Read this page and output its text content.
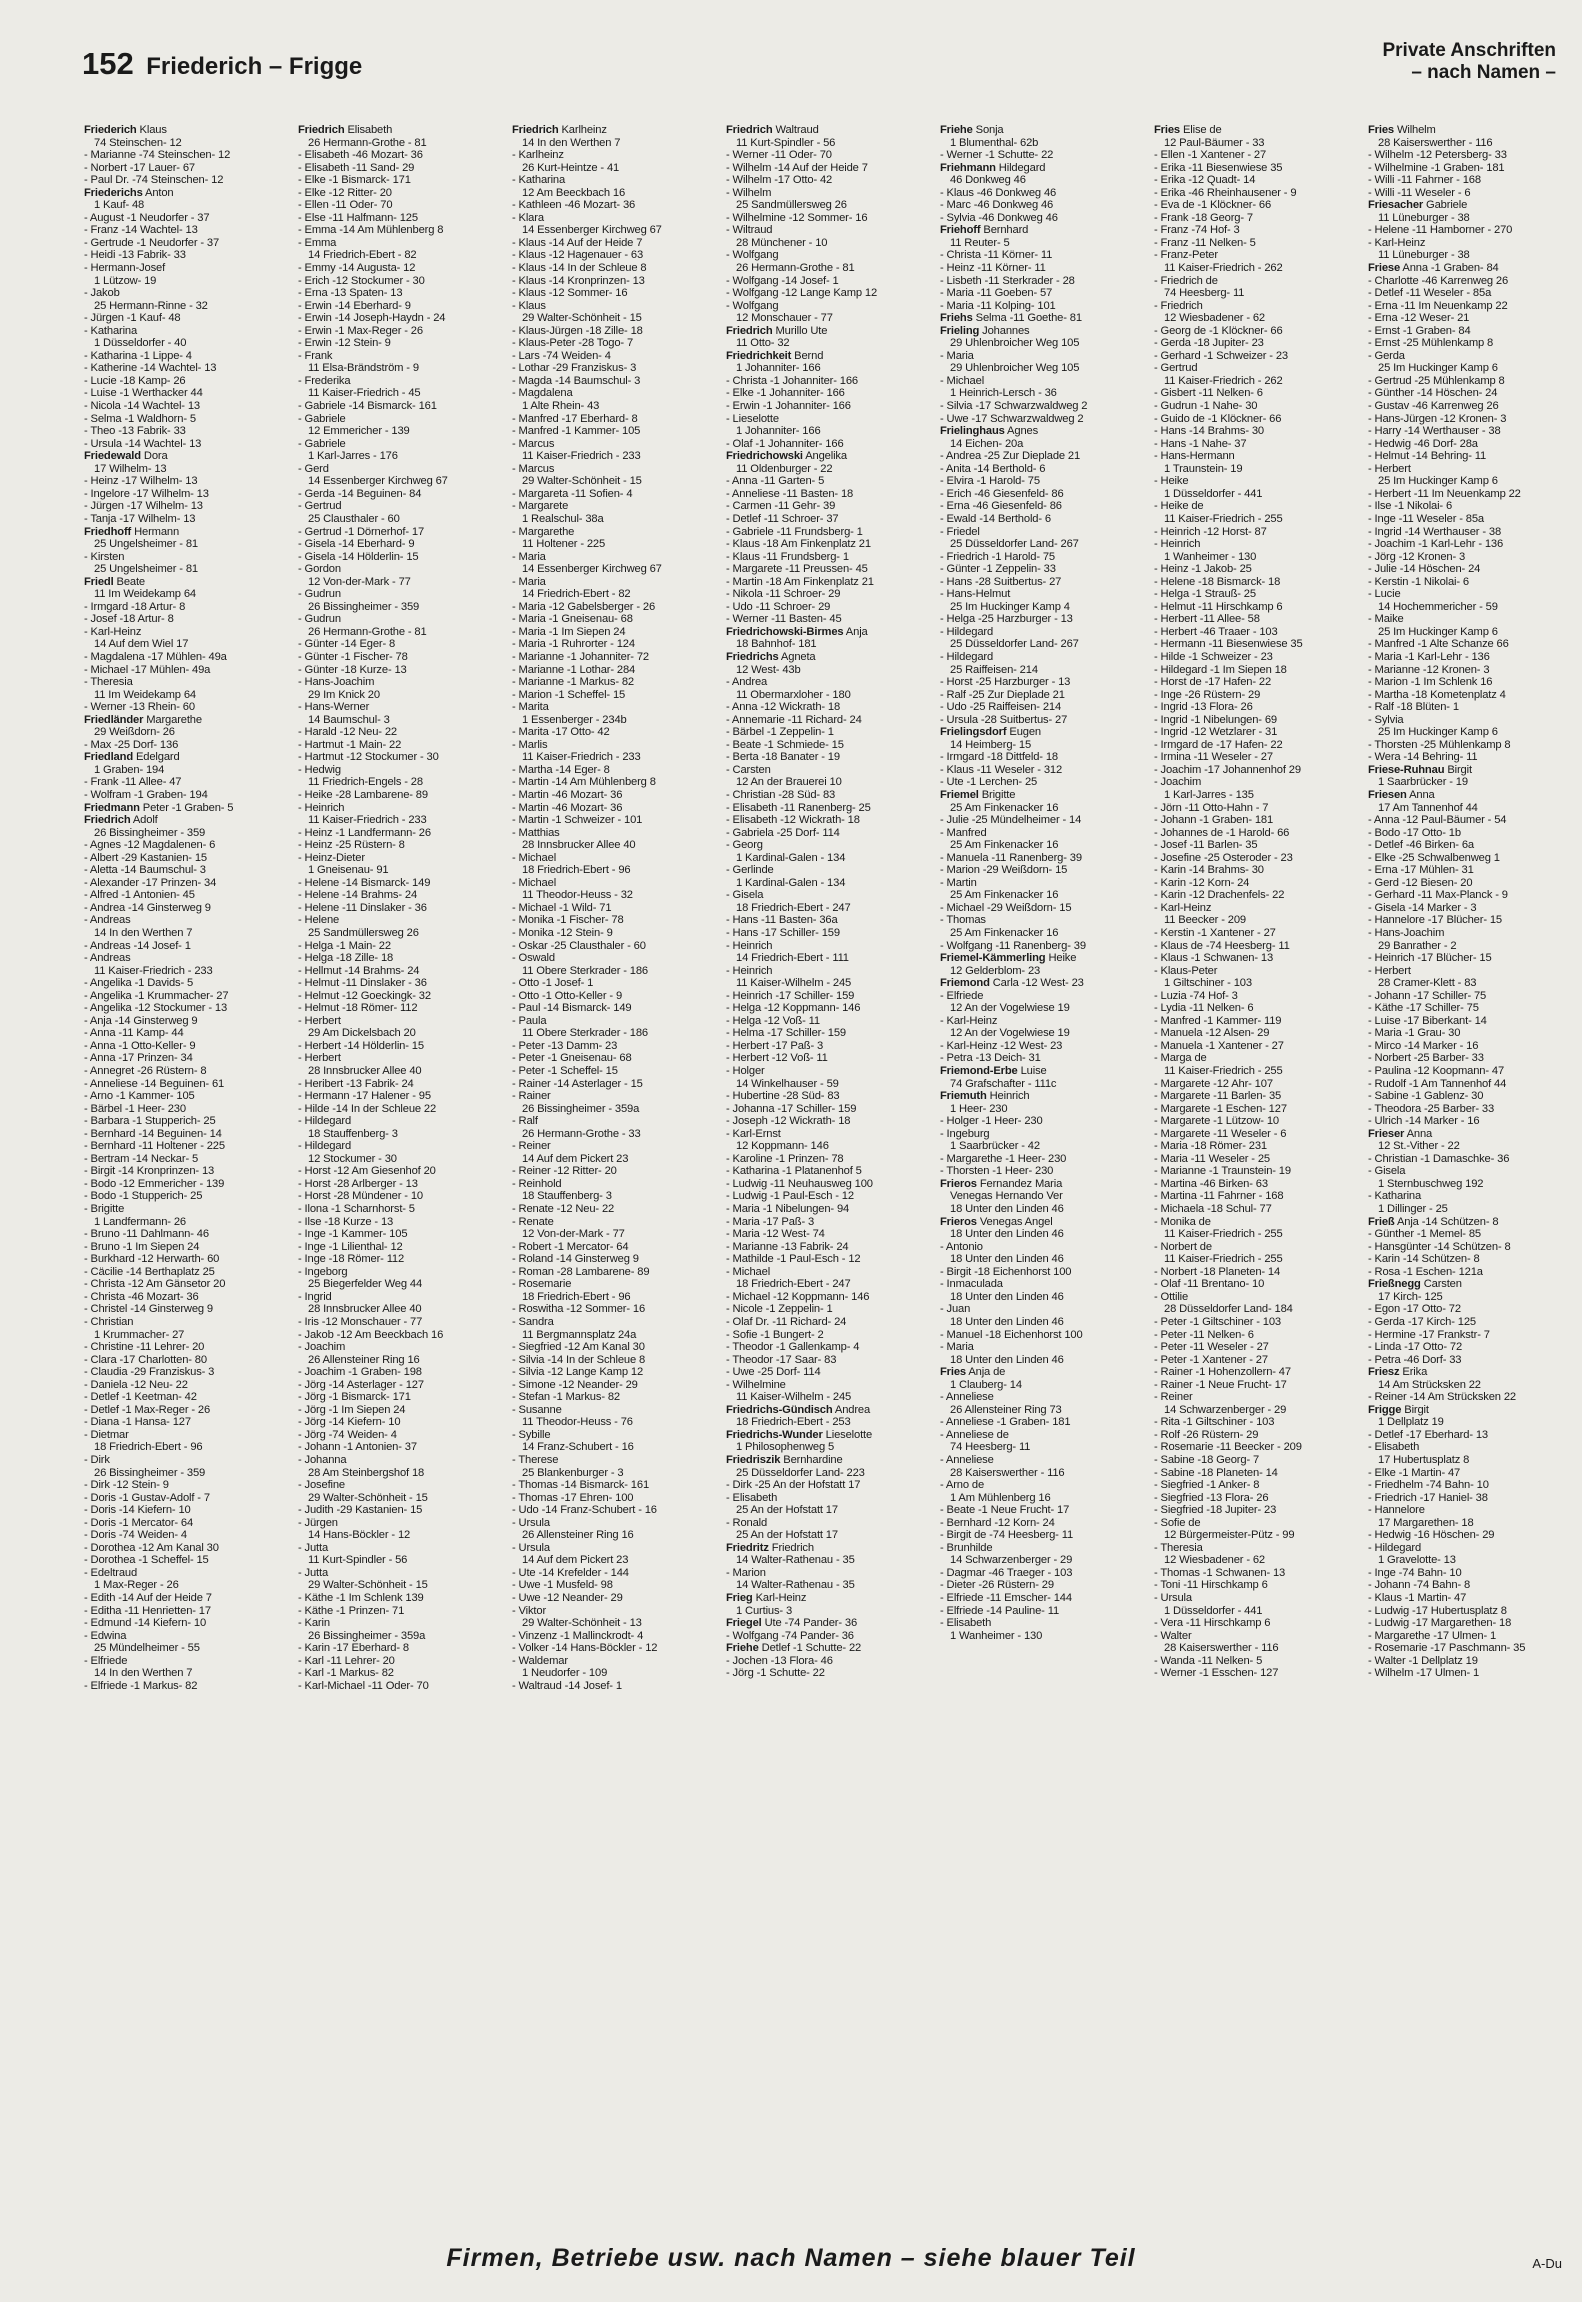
152 Friederich – Frigge
Private Anschriften
– nach Namen –
Friederich Klaus
74 Steinschen- 12
- Marianne -74 Steinschen- 12
- Norbert -17 Lauer- 67
- Paul Dr. -74 Steinschen- 12
Friederichs Anton
1 Kauf- 48
- August -1 Neudorfer - 37
- Franz -14 Wachtel- 13
- Gertrude -1 Neudorfer - 37
- Heidi -13 Fabrik- 33
- Hermann-Josef
1 Lützow- 19
- Jakob
25 Hermann-Rinne - 32
- Jürgen -1 Kauf- 48
- Katharina
1 Düsseldorfer - 40
- Katharina -1 Lippe- 4
- Katherine -14 Wachtel- 13
- Lucie -18 Kamp- 26
- Luise -1 Werthacker 44
- Nicola -14 Wachtel- 13
- Selma -1 Waldhorn- 5
- Theo -13 Fabrik- 33
- Ursula -14 Wachtel- 13
Friedewald Dora
17 Wilhelm- 13
- Heinz -17 Wilhelm- 13
- Ingelore -17 Wilhelm- 13
- Jürgen -17 Wilhelm- 13
- Tanja -17 Wilhelm- 13
Friedhoff Hermann
25 Ungelsheimer - 81
- Kirsten
25 Ungelsheimer - 81
Friedl Beate
11 Im Weidekamp 64
- Irmgard -18 Artur- 8
- Josef -18 Artur- 8
- Karl-Heinz
14 Auf dem Wiel 17
- Magdalena -17 Mühlen- 49a
- Michael -17 Mühlen- 49a
- Theresia
11 Im Weidekamp 64
- Werner -13 Rhein- 60
Friedländer Margarethe
29 Weißdorn- 26
- Max -25 Dorf- 136
Friedland Edelgard
1 Graben- 194
- Frank -11 Allee- 47
- Wolfram -1 Graben- 194
Friedmann Peter -1 Graben- 5
Friedrich Adolf
26 Bissingheimer - 359
- Agnes -12 Magdalenen- 6
- Albert -29 Kastanien- 15
- Aletta -14 Baumschul- 3
- Alexander -17 Prinzen- 34
- Alfred -1 Antonien- 45
- Andrea -14 Ginsterweg 9
- Andreas
14 In den Werthen 7
- Andreas -14 Josef- 1
- Andreas
11 Kaiser-Friedrich - 233
- Angelika -1 Davids- 5
- Angelika -1 Krummacher- 27
- Angelika -12 Stockumer - 13
- Anja -14 Ginsterweg 9
- Anna -11 Kamp- 44
- Anna -1 Otto-Keller- 9
- Anna -17 Prinzen- 34
- Annegret -26 Rüstern- 8
- Anneliese -14 Beguinen- 61
- Arno -1 Kammer- 105
- Bärbel -1 Heer- 230
- Barbara -1 Stupperich- 25
- Bernhard -14 Beguinen- 14
- Bernhard -11 Holtener - 225
- Bertram -14 Neckar- 5
- Birgit -14 Kronprinzen- 13
- Bodo -12 Emmericher - 139
- Bodo -1 Stupperich- 25
- Brigitte
1 Landfermann- 26
- Bruno -11 Dahlmann- 46
- Bruno -1 Im Siepen 24
- Burkhard -12 Herwarth- 60
- Cäcilie -14 Berthaplatz 25
- Christa -12 Am Gänsetor 20
- Christa -46 Mozart- 36
- Christel -14 Ginsterweg 9
- Christian
1 Krummacher- 27
- Christine -11 Lehrer- 20
- Clara -17 Charlotten- 80
- Claudia -29 Franziskus- 3
- Daniela -12 Neu- 22
- Detlef -1 Keetman- 42
- Detlef -1 Max-Reger - 26
- Diana -1 Hansa- 127
- Dietmar
18 Friedrich-Ebert - 96
- Dirk
26 Bissingheimer - 359
- Dirk -12 Stein- 9
- Doris -1 Gustav-Adolf - 7
- Doris -14 Kiefern- 10
- Doris -1 Mercator- 64
- Doris -74 Weiden- 4
- Dorothea -12 Am Kanal 30
- Dorothea -1 Scheffel- 15
- Edeltraud
1 Max-Reger - 26
- Edith -14 Auf der Heide 7
- Editha -11 Henrietten- 17
- Edmund -14 Kiefern- 10
- Edwina
25 Mündelheimer - 55
- Elfriede
14 In den Werthen 7
- Elfriede -1 Markus- 82
Friedrich Elisabeth
26 Hermann-Grothe - 81
- Elisabeth -46 Mozart- 36
- Elisabeth -11 Sand- 29
- Elke -1 Bismarck- 171
- Elke -12 Ritter- 20
- Ellen -11 Oder- 70
- Else -11 Halfmann- 125
- Emma -14 Am Mühlenberg 8
- Emma
14 Friedrich-Ebert - 82
- Emmy -14 Augusta- 12
- Erich -12 Stockumer - 30
- Erna -13 Spaten- 13
- Erwin -14 Eberhard- 9
- Erwin -14 Joseph-Haydn - 24
- Erwin -1 Max-Reger - 26
- Erwin -12 Stein- 9
- Frank
11 Elsa-Brändström - 9
- Frederika
11 Kaiser-Friedrich - 45
- Gabriele -14 Bismarck- 161
- Gabriele
12 Emmericher - 139
- Gabriele
1 Karl-Jarres - 176
- Gerd
14 Essenberger Kirchweg 67
- Gerda -14 Beguinen- 84
- Gertrud
25 Clausthaler - 60
- Gertrud -1 Dörnerhof- 17
- Gisela -14 Eberhard- 9
- Gisela -14 Hölderlin- 15
- Gordon
12 Von-der-Mark - 77
- Gudrun
26 Bissingheimer - 359
- Gudrun
26 Hermann-Grothe - 81
- Günter -14 Eger- 8
- Günter -1 Fischer- 78
- Günter -18 Kurze- 13
- Hans-Joachim
29 Im Knick 20
- Hans-Werner
14 Baumschul- 3
- Harald -12 Neu- 22
- Hartmut -1 Main- 22
- Hartmut -12 Stockumer - 30
- Hedwig
11 Friedrich-Engels - 28
- Heike -28 Lambarene- 89
- Heinrich
11 Kaiser-Friedrich - 233
- Heinz -1 Landfermann- 26
- Heinz -25 Rüstern- 8
- Heinz-Dieter
1 Gneisenau- 91
- Helene -14 Bismarck- 149
- Helene -14 Brahms- 24
- Helene -11 Dinslaker - 36
- Helene
25 Sandmüllersweg 26
- Helga -1 Main- 22
- Helga -18 Zille- 18
- Hellmut -14 Brahms- 24
- Helmut -11 Dinslaker - 36
- Helmut -12 Goeckingk- 32
- Helmut -18 Römer- 112
- Herbert
29 Am Dickelsbach 20
- Herbert -14 Hölderlin- 15
- Herbert
28 Innsbrucker Allee 40
- Heribert -13 Fabrik- 24
- Hermann -17 Halener - 95
- Hilde -14 In der Schleue 22
- Hildegard
18 Stauffenberg- 3
- Hildegard
12 Stockumer - 30
- Horst -12 Am Giesenhof 20
- Horst -28 Arlberger - 13
- Horst -28 Mündener - 10
- Ilona -1 Scharnhorst- 5
- Ilse -18 Kurze - 13
- Inge -1 Kammer- 105
- Inge -1 Lilienthal- 12
- Inge -18 Römer- 112
- Ingeborg
25 Biegerfelder Weg 44
- Ingrid
28 Innsbrucker Allee 40
- Iris -12 Monschauer - 77
- Jakob -12 Am Beeckbach 16
- Joachim
26 Allensteiner Ring 16
- Joachim -1 Graben- 198
- Jörg -14 Asterlager - 127
- Jörg -1 Bismarck- 171
- Jörg -1 Im Siepen 24
- Jörg -14 Kiefern- 10
- Jörg -74 Weiden- 4
- Johann -1 Antonien- 37
- Johanna
28 Am Steinbergshof 18
- Josefine
29 Walter-Schönheit - 15
- Judith -29 Kastanien- 15
- Jürgen
14 Hans-Böckler - 12
- Jutta
11 Kurt-Spindler - 56
- Jutta
29 Walter-Schönheit - 15
- Käthe -1 Im Schlenk 139
- Käthe -1 Prinzen- 71
- Karin
26 Bissingheimer - 359a
- Karin -17 Eberhard- 8
- Karl -11 Lehrer- 20
- Karl -1 Markus- 82
- Karl-Michael -11 Oder- 70
Friedrich Karlheinz
14 In den Werthen 7
- Karlheinz
26 Kurt-Heintze - 41
- Katharina
12 Am Beeckbach 16
- Kathleen -46 Mozart- 36
- Klara
14 Essenberger Kirchweg 67
- Klaus -14 Auf der Heide 7
- Klaus -12 Hagenauer - 63
- Klaus -14 In der Schleue 8
- Klaus -14 Kronprinzen- 13
- Klaus -12 Sommer- 16
- Klaus
29 Walter-Schönheit - 15
- Klaus-Jürgen -18 Zille- 18
- Klaus-Peter -28 Togo- 7
- Lars -74 Weiden- 4
- Lothar -29 Franziskus- 3
- Magda -14 Baumschul- 3
- Magdalena
1 Alte Rhein- 43
- Manfred -17 Eberhard- 8
- Manfred -1 Kammer- 105
- Marcus
11 Kaiser-Friedrich - 233
- Marcus
29 Walter-Schönheit - 15
- Margareta -11 Sofien- 4
- Margarete
1 Realschul- 38a
- Margarethe
11 Holtener - 225
- Maria
14 Essenberger Kirchweg 67
- Maria
14 Friedrich-Ebert - 82
- Maria -12 Gabelsberger - 26
- Maria -1 Gneisenau- 68
- Maria -1 Im Siepen 24
- Maria -1 Ruhrorter - 124
- Marianne -1 Johanniter- 72
- Marianne -1 Lothar- 284
- Marianne -1 Markus- 82
- Marion -1 Scheffel- 15
- Marita
1 Essenberger - 234b
- Marita -17 Otto- 42
- Marlis
11 Kaiser-Friedrich - 233
- Martha -14 Eger- 8
- Martin -14 Am Mühlenberg 8
- Martin -46 Mozart- 36
- Martin -46 Mozart- 36
- Martin -1 Schweizer - 101
- Matthias
28 Innsbrucker Allee 40
- Michael
18 Friedrich-Ebert - 96
- Michael
11 Theodor-Heuss - 32
- Michael -1 Wild- 71
- Monika -1 Fischer- 78
- Monika -12 Stein- 9
- Oskar -25 Clausthaler - 60
- Oswald
11 Obere Sterkrader - 186
- Otto -1 Josef- 1
- Otto -1 Otto-Keller - 9
- Paul -14 Bismarck- 149
- Paula
11 Obere Sterkrader - 186
- Peter -13 Damm- 23
- Peter -1 Gneisenau- 68
- Peter -1 Scheffel- 15
- Rainer -14 Asterlager - 15
- Rainer
26 Bissingheimer - 359a
- Ralf
26 Hermann-Grothe - 33
- Reiner
14 Auf dem Pickert 23
- Reiner -12 Ritter- 20
- Reinhold
18 Stauffenberg- 3
- Renate -12 Neu- 22
- Renate
12 Von-der-Mark - 77
- Robert -1 Mercator- 64
- Roland -14 Ginsterweg 9
- Roman -28 Lambarene- 89
- Rosemarie
18 Friedrich-Ebert - 96
- Roswitha -12 Sommer- 16
- Sandra
11 Bergmannsplatz 24a
- Siegfried -12 Am Kanal 30
- Silvia -14 In der Schleue 8
- Silvia -12 Lange Kamp 12
- Simone -12 Neander- 29
- Stefan -1 Markus- 82
- Susanne
11 Theodor-Heuss - 76
- Sybille
14 Franz-Schubert - 16
- Therese
25 Blankenburger - 3
- Thomas -14 Bismarck- 161
- Thomas -17 Ehren- 100
- Udo -14 Franz-Schubert - 16
- Ursula
26 Allensteiner Ring 16
- Ursula
14 Auf dem Pickert 23
- Ute -14 Krefelder - 144
- Uwe -1 Musfeld- 98
- Uwe -12 Neander- 29
- Viktor
29 Walter-Schönheit - 13
- Vinzenz -1 Mallinckrodt- 4
- Volker -14 Hans-Böckler - 12
- Waldemar
1 Neudorfer - 109
- Waltraud -14 Josef- 1
Friedrich Waltraud
11 Kurt-Spindler - 56
- Werner -11 Oder- 70
- Wilhelm -14 Auf der Heide 7
- Wilhelm -17 Otto- 42
- Wilhelm
25 Sandmüllersweg 26
- Wilhelmine -12 Sommer- 16
- Wiltraud
28 Münchener - 10
- Wolfgang
26 Hermann-Grothe - 81
- Wolfgang -14 Josef- 1
- Wolfgang -12 Lange Kamp 12
- Wolfgang
12 Monschauer - 77
Friedrich Murillo Ute
11 Otto- 32
Friedrichkeit Bernd
1 Johanniter- 166
- Christa -1 Johanniter- 166
- Elke -1 Johanniter- 166
- Erwin -1 Johanniter- 166
- Lieselotte
1 Johanniter- 166
- Olaf -1 Johanniter- 166
Friedrichowski Angelika
11 Oldenburger - 22
- Anna -11 Garten- 5
- Anneliese -11 Basten- 18
- Carmen -11 Gehr- 39
- Detlef -11 Schroer- 37
- Gabriele -11 Frundsberg- 1
- Klaus -18 Am Finkenplatz 21
- Klaus -11 Frundsberg- 1
- Margarete -11 Preussen- 45
- Martin -18 Am Finkenplatz 21
- Nikola -11 Schroer- 29
- Udo -11 Schroer- 29
- Werner -11 Basten- 45
Friedrichowski-Birmes Anja
18 Bahnhof- 181
Friedrichs Agneta
12 West- 43b
- Andrea
11 Obermarxloher - 180
- Anna -12 Wickrath- 18
- Annemarie -11 Richard- 24
- Bärbel -1 Zeppelin- 1
- Beate -1 Schmiede- 15
- Berta -18 Banater - 19
- Carsten
12 An der Brauerei 10
- Christian -28 Süd- 83
- Elisabeth -11 Ranenberg- 25
- Elisabeth -12 Wickrath- 18
- Gabriela -25 Dorf- 114
- Georg
1 Kardinal-Galen - 134
- Gerlinde
1 Kardinal-Galen - 134
- Gisela
18 Friedrich-Ebert - 247
- Hans -11 Basten- 36a
- Hans -17 Schiller- 159
- Heinrich
14 Friedrich-Ebert - 111
- Heinrich
11 Kaiser-Wilhelm - 245
- Heinrich -17 Schiller- 159
- Helga -12 Koppmann- 146
- Helga -12 Voß- 11
- Helma -17 Schiller- 159
- Herbert -17 Paß- 3
- Herbert -12 Voß- 11
- Holger
14 Winkelhauser - 59
- Hubertine -28 Süd- 83
- Johanna -17 Schiller- 159
- Joseph -12 Wickrath- 18
- Karl-Ernst
12 Koppmann- 146
- Karoline -1 Prinzen- 78
- Katharina -1 Platanenhof 5
- Ludwig -11 Neuhausweg 100
- Ludwig -1 Paul-Esch - 12
- Maria -1 Nibelungen- 94
- Maria -17 Paß- 3
- Maria -12 West- 74
- Marianne -13 Fabrik- 24
- Mathilde -1 Paul-Esch - 12
- Michael
18 Friedrich-Ebert - 247
- Michael -12 Koppmann- 146
- Nicole -1 Zeppelin- 1
- Olaf Dr. -11 Richard- 24
- Sofie -1 Bungert- 2
- Theodor -1 Gallenkamp- 4
- Theodor -17 Saar- 83
- Uwe -25 Dorf- 114
- Wilhelmine
11 Kaiser-Wilhelm - 245
Friedrichs-Gündisch Andrea
18 Friedrich-Ebert - 253
Friedrichs-Wunder Lieselotte
1 Philosophenweg 5
Friedriszik Bernhardine
25 Düsseldorfer Land- 223
- Dirk -25 An der Hofstatt 17
- Elisabeth
25 An der Hofstatt 17
- Ronald
25 An der Hofstatt 17
Friedritz Friedrich
14 Walter-Rathenau - 35
- Marion
14 Walter-Rathenau - 35
Frieg Karl-Heinz
1 Curtius- 3
Friegel Ute -74 Pander- 36
- Wolfgang -74 Pander- 36
Friehe Detlef -1 Schutte- 22
- Jochen -13 Flora- 46
- Jörg -1 Schutte- 22
Friehe Sonja
1 Blumenthal- 62b
- Werner -1 Schutte- 22
Friehmann Hildegard
46 Donkweg 46
- Klaus -46 Donkweg 46
- Marc -46 Donkweg 46
- Sylvia -46 Donkweg 46
Friehoff Bernhard
11 Reuter- 5
- Christa -11 Körner- 11
- Heinz -11 Körner- 11
- Lisbeth -11 Sterkrader - 28
- Maria -11 Goeben- 57
- Maria -11 Kolping- 101
Friehs Selma -11 Goethe- 81
Frieling Johannes
29 Uhlenbroicher Weg 105
- Maria
29 Uhlenbroicher Weg 105
- Michael
1 Heinrich-Lersch - 36
- Silvia -17 Schwarzwaldweg 2
- Uwe -17 Schwarzwaldweg 2
Frielinghaus Agnes
14 Eichen- 20a
- Andrea -25 Zur Dieplade 21
- Anita -14 Berthold- 6
- Elvira -1 Harold- 75
- Erich -46 Giesenfeld- 86
- Erna -46 Giesenfeld- 86
- Ewald -14 Berthold- 6
- Friedel
25 Düsseldorfer Land- 267
- Friedrich -1 Harold- 75
- Günter -1 Zeppelin- 33
- Hans -28 Suitbertus- 27
- Hans-Helmut
25 Im Huckinger Kamp 4
- Helga -25 Harzburger - 13
- Hildegard
25 Düsseldorfer Land- 267
- Hildegard
25 Raiffeisen- 214
- Horst -25 Harzburger - 13
- Ralf -25 Zur Dieplade 21
- Udo -25 Raiffeisen- 214
- Ursula -28 Suitbertus- 27
Frielingsdorf Eugen
14 Heimberg- 15
- Irmgard -18 Dittfeld- 18
- Klaus -11 Weseler - 312
- Ute -1 Lerchen- 25
Friemel Brigitte
25 Am Finkenacker 16
- Julie -25 Mündelheimer - 14
- Manfred
25 Am Finkenacker 16
- Manuela -11 Ranenberg- 39
- Marion -29 Weißdorn- 15
- Martin
25 Am Finkenacker 16
- Michael -29 Weißdorn- 15
- Thomas
25 Am Finkenacker 16
- Wolfgang -11 Ranenberg- 39
Friemel-Kämmerling Heike
12 Gelderblom- 23
Friemond Carla -12 West- 23
- Elfriede
12 An der Vogelwiese 19
- Karl-Heinz
12 An der Vogelwiese 19
- Karl-Heinz -12 West- 23
- Petra -13 Deich- 31
Friemond-Erbe Luise
74 Grafschafter - 111c
Friemuth Heinrich
1 Heer- 230
- Holger -1 Heer- 230
- Ingeburg
1 Saarbrücker - 42
- Margarethe -1 Heer- 230
- Thorsten -1 Heer- 230
Frieros Fernandez Maria
Venegas Hernando Ver
18 Unter den Linden 46
Frieros Venegas Angel
18 Unter den Linden 46
- Antonio
18 Unter den Linden 46
- Birgit -18 Eichenhorst 100
- Inmaculada
18 Unter den Linden 46
- Juan
18 Unter den Linden 46
- Manuel -18 Eichenhorst 100
- Maria
18 Unter den Linden 46
Fries Anja de
1 Clauberg- 14
- Anneliese
26 Allensteiner Ring 73
- Anneliese -1 Graben- 181
- Anneliese de
74 Heesberg- 11
- Anneliese
28 Kaiserswerther - 116
- Arno de
1 Am Mühlenberg 16
- Beate -1 Neue Frucht- 17
- Bernhard -12 Korn- 24
- Birgit de -74 Heesberg- 11
- Brunhilde
14 Schwarzenberger - 29
- Dagmar -46 Traeger - 103
- Dieter -26 Rüstern- 29
- Elfriede -11 Emscher- 144
- Elfriede -14 Pauline- 11
- Elisabeth
1 Wanheimer - 130
Fries Elise de
12 Paul-Bäumer - 33
- Ellen -1 Xantener - 27
- Erika -11 Biesenwiese 35
- Erika -12 Quadt- 14
- Erika -46 Rheinhausener - 9
- Eva de -1 Klöckner- 66
- Frank -18 Georg- 7
- Franz -74 Hof- 3
- Franz -11 Nelken- 5
- Franz-Peter
11 Kaiser-Friedrich - 262
- Friedrich de
74 Heesberg- 11
- Friedrich
12 Wiesbadener - 62
- Georg de -1 Klöckner- 66
- Gerda -18 Jupiter- 23
- Gerhard -1 Schweizer - 23
- Gertrud
11 Kaiser-Friedrich - 262
- Gisbert -11 Nelken- 6
- Gudrun -1 Nahe- 30
- Guido de -1 Klöckner- 66
- Hans -14 Brahms- 30
- Hans -1 Nahe- 37
- Hans-Hermann
1 Traunstein- 19
- Heike
1 Düsseldorfer - 441
- Heike de
11 Kaiser-Friedrich - 255
- Heinrich -12 Horst- 87
- Heinrich
1 Wanheimer - 130
- Heinz -1 Jakob- 25
- Helene -18 Bismarck- 18
- Helga -1 Strauß- 25
- Helmut -11 Hirschkamp 6
- Herbert -11 Allee- 58
- Herbert -46 Traaer - 103
- Hermann -11 Biesenwiese 35
- Hilde -1 Schweizer - 23
- Hildegard -1 Im Siepen 18
- Horst de -17 Hafen- 22
- Inge -26 Rüstern- 29
- Ingrid -13 Flora- 26
- Ingrid -1 Nibelungen- 69
- Ingrid -12 Wetzlarer - 31
- Irmgard de -17 Hafen- 22
- Irmina -11 Weseler - 27
- Joachim -17 Johannenhof 29
- Joachim
1 Karl-Jarres - 135
- Jörn -11 Otto-Hahn - 7
- Johann -1 Graben- 181
- Johannes de -1 Harold- 66
- Josef -11 Barlen- 35
- Josefine -25 Osteroder - 23
- Karin -14 Brahms- 30
- Karin -12 Korn- 24
- Karin -12 Drachenfels- 22
- Karl-Heinz
11 Beecker - 209
- Kerstin -1 Xantener - 27
- Klaus de -74 Heesberg- 11
- Klaus -1 Schwanen- 13
- Klaus-Peter
1 Giltschiner - 103
- Luzia -74 Hof- 3
- Lydia -11 Nelken- 6
- Manfred -1 Kammer- 119
- Manuela -12 Alsen- 29
- Manuela -1 Xantener - 27
- Marga de
11 Kaiser-Friedrich - 255
- Margarete -12 Ahr- 107
- Margarete -11 Barlen- 35
- Margarete -1 Eschen- 127
- Margarete -1 Lützow- 10
- Margarete -11 Weseler - 6
- Maria -18 Römer- 231
- Maria -11 Weseler - 25
- Marianne -1 Traunstein- 19
- Martina -46 Birken- 63
- Martina -11 Fahrner - 168
- Michaela -18 Schul- 77
- Monika de
11 Kaiser-Friedrich - 255
- Norbert de
11 Kaiser-Friedrich - 255
- Norbert -18 Planeten- 14
- Olaf -11 Brentano- 10
- Ottilie
28 Düsseldorfer Land- 184
- Peter -1 Giltschiner - 103
- Peter -11 Nelken- 6
- Peter -11 Weseler - 27
- Peter -1 Xantener - 27
- Rainer -1 Hohenzollern- 47
- Rainer -1 Neue Frucht- 17
- Reiner
14 Schwarzenberger - 29
- Rita -1 Giltschiner - 103
- Rolf -26 Rüstern- 29
- Rosemarie -11 Beecker - 209
- Sabine -18 Georg- 7
- Sabine -18 Planeten- 14
- Siegfried -1 Anker- 8
- Siegfried -13 Flora- 26
- Siegfried -18 Jupiter- 23
- Sofie de
12 Bürgermeister-Pütz - 99
- Theresia
12 Wiesbadener - 62
- Thomas -1 Schwanen- 13
- Toni -11 Hirschkamp 6
- Ursula
1 Düsseldorfer - 441
- Vera -11 Hirschkamp 6
- Walter
28 Kaiserswerther - 116
- Wanda -11 Nelken- 5
- Werner -1 Esschen- 127
Fries Wilhelm
28 Kaiserswerther - 116
- Wilhelm -12 Petersberg- 33
- Wilhelmine -1 Graben- 181
- Willi -11 Fahrner - 168
- Willi -11 Weseler - 6
Friesacher Gabriele
11 Lüneburger - 38
- Helene -11 Hamborner - 270
- Karl-Heinz
11 Lüneburger - 38
Friese Anna -1 Graben- 84
- Charlotte -46 Karrenweg 26
- Detlef -11 Weseler - 85a
- Erna -11 Im Neuenkamp 22
- Erna -12 Weser- 21
- Ernst -1 Graben- 84
- Ernst -25 Mühlenkamp 8
- Gerda
25 Im Huckinger Kamp 6
- Gertrud -25 Mühlenkamp 8
- Günther -14 Höschen- 24
- Gustav -46 Karrenweg 26
- Hans-Jürgen -12 Kronen- 3
- Harry -14 Werthauser - 38
- Hedwig -46 Dorf- 28a
- Helmut -14 Behring- 11
- Herbert
25 Im Huckinger Kamp 6
- Herbert -11 Im Neuenkamp 22
- Ilse -1 Nikolai- 6
- Inge -11 Weseler - 85a
- Ingrid -14 Werthauser - 38
- Joachim -1 Karl-Lehr - 136
- Jörg -12 Kronen- 3
- Julie -14 Höschen- 24
- Kerstin -1 Nikolai- 6
- Lucie
14 Hochemmericher - 59
- Maike
25 Im Huckinger Kamp 6
- Manfred -1 Alte Schanze 66
- Maria -1 Karl-Lehr - 136
- Marianne -12 Kronen- 3
- Marion -1 Im Schlenk 16
- Martha -18 Kometenplatz 4
- Ralf -18 Blüten- 1
- Sylvia
25 Im Huckinger Kamp 6
- Thorsten -25 Mühlenkamp 8
- Wera -14 Behring- 11
Friese-Ruhnau Birgit
1 Saarbrücker - 19
Friesen Anna
17 Am Tannenhof 44
- Anna -12 Paul-Bäumer - 54
- Bodo -17 Otto- 1b
- Detlef -46 Birken- 6a
- Elke -25 Schwalbenweg 1
- Erna -17 Mühlen- 31
- Gerd -12 Biesen- 20
- Gerhard -11 Max-Planck - 9
- Gisela -14 Marker - 3
- Hannelore -17 Blücher- 15
- Hans-Joachim
29 Banrather - 2
- Heinrich -17 Blücher- 15
- Herbert
28 Cramer-Klett - 83
- Johann -17 Schiller- 75
- Käthe -17 Schiller- 75
- Luise -17 Biberkant- 14
- Maria -1 Grau- 30
- Mirco -14 Marker - 16
- Norbert -25 Barber- 33
- Paulina -12 Koopmann- 47
- Rudolf -1 Am Tannenhof 44
- Sabine -1 Gablenz- 30
- Theodora -25 Barber- 33
- Ulrich -14 Marker - 16
Frieser Anna
12 St.-Vither - 22
- Christian -1 Damaschke- 36
- Gisela
1 Sternbuschweg 192
- Katharina
1 Dillinger - 25
Frieß Anja -14 Schützen- 8
- Günther -1 Memel- 85
- Hansgünter -14 Schützen- 8
- Karin -14 Schützen- 8
- Rosa -1 Eschen- 121a
Frießnegg Carsten
17 Kirch- 125
- Egon -17 Otto- 72
- Gerda -17 Kirch- 125
- Hermine -17 Frankstr- 7
- Linda -17 Otto- 72
- Petra -46 Dorf- 33
Friesz Erika
14 Am Strücksken 22
- Reiner -14 Am Strücksken 22
Frigge Birgit
1 Dellplatz 19
- Detlef -17 Eberhard- 13
- Elisabeth
17 Hubertusplatz 8
- Elke -1 Martin- 47
- Friedhelm -74 Bahn- 10
- Friedrich -17 Haniel- 38
- Hannelore
17 Margarethen- 18
- Hedwig -16 Höschen- 29
- Hildegard
1 Gravelotte- 13
- Inge -74 Bahn- 10
- Johann -74 Bahn- 8
- Klaus -1 Martin- 47
- Ludwig -17 Hubertusplatz 8
- Ludwig -17 Margarethen- 18
- Margarethe -17 Ulmen- 1
- Rosemarie -17 Paschmann- 35
- Walter -1 Dellplatz 19
- Wilhelm -17 Ulmen- 1
Firmen, Betriebe usw. nach Namen – siehe blauer Teil	A-Du
